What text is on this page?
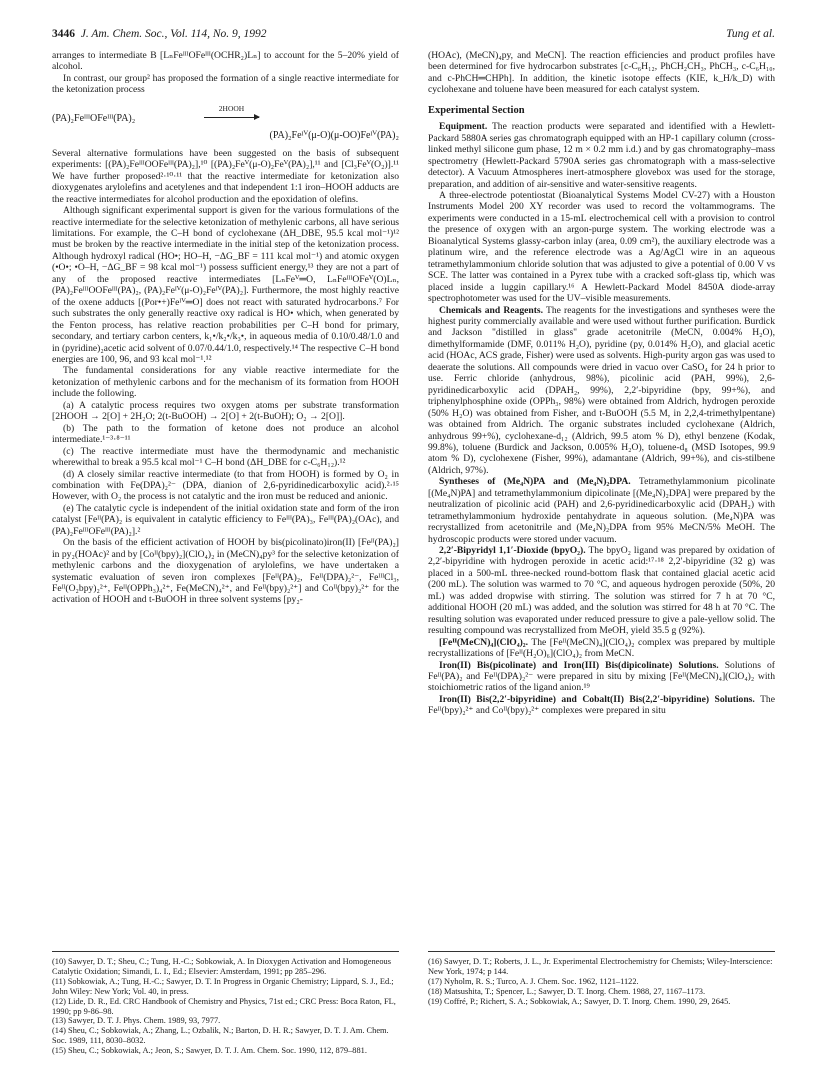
3446 J. Am. Chem. Soc., Vol. 114, No. 9, 1992	Tung et al.

arranges to intermediate B [LₙFeᴵᴵᴵOFeᴵᴵᴵ(OCHR₂)Lₙ] to account for the 5–20% yield of alcohol.

In contrast, our group² has proposed the formation of a single reactive intermediate for the ketonization process

(PA)₂FeᴵᴵᴵOFeᴵᴵᴵ(PA)₂
2HOOH
(PA)₂Feᴵⱽ(μ-O)(μ-OO)Feᴵⱽ(PA)₂

Several alternative formulations have been suggested on the basis of subsequent experiments: [(PA)₂FeᴵᴵᴵOOFeᴵᴵᴵ(PA)₂],¹⁰ [(PA)₂Feⱽ(μ-O)₂Feⱽ(PA)₂],¹¹ and [Cl₃Feⱽ(O₂)].¹¹ We have further proposed²·¹⁰·¹¹ that the reactive intermediate for ketonization also dioxygenates arylolefins and acetylenes and that independent 1:1 iron–HOOH adducts are the reactive intermediates for alcohol production and the epoxidation of olefins.

Although significant experimental support is given for the various formulations of the reactive intermediate for the selective ketonization of methylenic carbons, all have serious limitations. For example, the C–H bond of cyclohexane (ΔH_DBE, 95.5 kcal mol⁻¹)¹² must be broken by the reactive intermediate in the initial step of the ketonization process. Although hydroxyl radical (HO•; HO–H, −ΔG_BF = 111 kcal mol⁻¹) and atomic oxygen (•O•; •O–H, −ΔG_BF = 98 kcal mol⁻¹) possess sufficient energy,¹³ they are not a part of any of the proposed reactive intermediates [LₙFeⱽ═O, LₙFeᴵᴵᴵOFeⱽ(O)Lₙ, (PA)₂FeᴵᴵᴵOOFeᴵᴵᴵ(PA)₂, (PA)₂Feᴵⱽ(μ-O)₂Feᴵⱽ(PA)₂]. Furthermore, the most highly reactive of the oxene adducts [(Por•+)Feᴵⱽ═O] does not react with saturated hydrocarbons.⁷ For such substrates the only generally reactive oxy radical is HO• which, when generated by the Fenton process, has relative reaction probabilities per C–H bond for primary, secondary, and tertiary carbon centers, k₁•/k₂•/k₃•, in aqueous media of 0.10/0.48/1.0 and in (pyridine)₂acetic acid solvent of 0.07/0.44/1.0, respectively.¹⁴ The respective C–H bond energies are 100, 96, and 93 kcal mol⁻¹.¹²

The fundamental considerations for any viable reactive intermediate for the ketonization of methylenic carbons and for the mechanism of its formation from HOOH include the following.

(a) A catalytic process requires two oxygen atoms per substrate transformation [2HOOH → 2[O] + 2H₂O; 2(t-BuOOH) → 2[O] + 2(t-BuOH); O₂ → 2[O]].

(b) The path to the formation of ketone does not produce an alcohol intermediate.¹⁻³·⁸⁻¹¹

(c) The reactive intermediate must have the thermodynamic and mechanistic wherewithal to break a 95.5 kcal mol⁻¹ C–H bond (ΔH_DBE for c-C₆H₁₂).¹²

(d) A closely similar reactive intermediate (to that from HOOH) is formed by O₂ in combination with Fe(DPA)₂²⁻ (DPA, dianion of 2,6-pyridinedicarboxylic acid).²·¹⁵ However, with O₂ the process is not catalytic and the iron must be reduced and anionic.

(e) The catalytic cycle is independent of the initial oxidation state and form of the iron catalyst [Feᴵᴵ(PA)₂ is equivalent in catalytic efficiency to Feᴵᴵᴵ(PA)₃, Feᴵᴵᴵ(PA)₂(OAc), and (PA)₂FeᴵᴵᴵOFeᴵᴵᴵ(PA)₂].²

On the basis of the efficient activation of HOOH by bis(picolinato)iron(II) [Feᴵᴵ(PA)₂] in py₂(HOAc)² and by [Coᴵᴵ(bpy)₂](ClO₄)₂ in (MeCN)₄py³ for the selective ketonization of methylenic carbons and the dioxygenation of arylolefins, we have undertaken a systematic evaluation of seven iron complexes [Feᴵᴵ(PA)₂, Feᴵᴵ(DPA)₂²⁻, FeᴵᴵᴵCl₃, Feᴵᴵ(O₂bpy)₂²⁺, Feᴵᴵ(OPPh₃)₄²⁺, Fe(MeCN)₄²⁺, and Feᴵᴵ(bpy)₂²⁺] and Coᴵᴵ(bpy)₂²⁺ for the activation of HOOH and t-BuOOH in three solvent systems [py₂-

(HOAc), (MeCN)₄py, and MeCN]. The reaction efficiencies and product profiles have been determined for five hydrocarbon substrates [c-C₆H₁₂, PhCH₂CH₃, PhCH₃, c-C₆H₁₀, and c-PhCH═CHPh]. In addition, the kinetic isotope effects (KIE, k_H/k_D) with cyclohexane and toluene have been measured for each catalyst system.

Experimental Section

Equipment. The reaction products were separated and identified with a Hewlett-Packard 5880A series gas chromatograph equipped with an HP-1 capillary column (cross-linked methyl silicone gum phase, 12 m × 0.2 mm i.d.) and by gas chromatography–mass spectrometry (Hewlett-Packard 5790A series gas chromatograph with a mass-selective detector). A Vacuum Atmospheres inert-atmosphere glovebox was used for the storage, preparation, and addition of air-sensitive and water-sensitive reagents.

A three-electrode potentiostat (Bioanalytical Systems Model CV-27) with a Houston Instruments Model 200 XY recorder was used to record the voltammograms. The experiments were conducted in a 15-mL electrochemical cell with a provision to control the presence of oxygen with an argon-purge system. The working electrode was a Bioanalytical Systems glassy-carbon inlay (area, 0.09 cm²), the auxiliary electrode was a platinum wire, and the reference electrode was a Ag/AgCl wire in an aqueous tetramethylammonium chloride solution that was adjusted to give a potential of 0.00 V vs SCE. The latter was contained in a Pyrex tube with a cracked soft-glass tip, which was placed inside a luggin capillary.¹⁶ A Hewlett-Packard Model 8450A diode-array spectrophotometer was used for the UV–visible measurements.

Chemicals and Reagents. The reagents for the investigations and syntheses were the highest purity commercially available and were used without further purification. Burdick and Jackson "distilled in glass" grade acetonitrile (MeCN, 0.004% H₂O), dimethylformamide (DMF, 0.011% H₂O), pyridine (py, 0.014% H₂O), and glacial acetic acid (HOAc, ACS grade, Fisher) were used as solvents. High-purity argon gas was used to deaerate the solutions. All compounds were dried in vacuo over CaSO₄ for 24 h prior to use. Ferric chloride (anhydrous, 98%), picolinic acid (PAH, 99%), 2,6-pyridinedicarboxylic acid (DPAH₂, 99%), 2,2′-bipyridine (bpy, 99+%), and triphenylphosphine oxide (OPPh₃, 98%) were obtained from Aldrich, hydrogen peroxide (50% H₂O) was obtained from Fisher, and t-BuOOH (5.5 M, in 2,2,4-trimethylpentane) was obtained from Aldrich. The organic substrates included cyclohexane (Aldrich, anhydrous 99+%), cyclohexane-d₁₂ (Aldrich, 99.5 atom % D), ethyl benzene (Kodak, 99.8%), toluene (Burdick and Jackson, 0.005% H₂O), toluene-d₈ (MSD Isotopes, 99.9 atom % D), cyclohexene (Fisher, 99%), adamantane (Aldrich, 99+%), and cis-stilbene (Aldrich, 97%).

Syntheses of (Me₄N)PA and (Me₄N)₂DPA. Tetramethylammonium picolinate [(Me₄N)PA] and tetramethylammonium dipicolinate [(Me₄N)₂DPA] were prepared by the neutralization of picolinic acid (PAH) and 2,6-pyridinedicarboxylic acid (DPAH₂) with tetramethylammonium hydroxide pentahydrate in aqueous solution. (Me₄N)PA was recrystallized from acetonitrile and (Me₄N)₂DPA from 95% MeCN/5% MeOH. The hydroscopic products were stored under vacuum.

2,2′-Bipyridyl 1,1′-Dioxide (bpyO₂). The bpyO₂ ligand was prepared by oxidation of 2,2′-bipyridine with hydrogen peroxide in acetic acid:¹⁷·¹⁸ 2,2′-bipyridine (32 g) was placed in a 500-mL three-necked round-bottom flask that contained glacial acetic acid (200 mL). The solution was warmed to 70 °C, and aqueous hydrogen peroxide (50%, 20 mL) was added dropwise with stirring. The solution was stirred for 7 h at 70 °C, additional HOOH (20 mL) was added, and the solution was stirred for 48 h at 70 °C. The resulting solution was evaporated under reduced pressure to give a pale-yellow solid. The resulting compound was recrystallized from MeOH, yield 35.5 g (92%).

[Feᴵᴵ(MeCN)₄](ClO₄)₂. The [Feᴵᴵ(MeCN)₄](ClO₄)₂ complex was prepared by multiple recrystallizations of [Feᴵᴵ(H₂O)₆](ClO₄)₂ from MeCN.

Iron(II) Bis(picolinate) and Iron(III) Bis(dipicolinate) Solutions. Solutions of Feᴵᴵ(PA)₂ and Feᴵᴵ(DPA)₂²⁻ were prepared in situ by mixing [Feᴵᴵ(MeCN)₄](ClO₄)₂ with stoichiometric ratios of the ligand anion.¹⁹

Iron(II) Bis(2,2′-bipyridine) and Cobalt(II) Bis(2,2′-bipyridine) Solutions. The Feᴵᴵ(bpy)₂²⁺ and Coᴵᴵ(bpy)₂²⁺ complexes were prepared in situ

(10) Sawyer, D. T.; Sheu, C.; Tung, H.-C.; Sobkowiak, A. In Dioxygen Activation and Homogeneous Catalytic Oxidation; Simandi, L. I., Ed.; Elsevier: Amsterdam, 1991; pp 285–296.
(11) Sobkowiak, A.; Tung, H.-C.; Sawyer, D. T. In Progress in Organic Chemistry; Lippard, S. J., Ed.; John Wiley: New York; Vol. 40, in press.
(12) Lide, D. R., Ed. CRC Handbook of Chemistry and Physics, 71st ed.; CRC Press: Boca Raton, FL, 1990; pp 9-86–98.
(13) Sawyer, D. T. J. Phys. Chem. 1989, 93, 7977.
(14) Sheu, C.; Sobkowiak, A.; Zhang, L.; Ozbalik, N.; Barton, D. H. R.; Sawyer, D. T. J. Am. Chem. Soc. 1989, 111, 8030–8032.
(15) Sheu, C.; Sobkowiak, A.; Jeon, S.; Sawyer, D. T. J. Am. Chem. Soc. 1990, 112, 879–881.
(16) Sawyer, D. T.; Roberts, J. L., Jr. Experimental Electrochemistry for Chemists; Wiley-Interscience: New York, 1974; p 144.
(17) Nyholm, R. S.; Turco, A. J. Chem. Soc. 1962, 1121–1122.
(18) Matsushita, T.; Spencer, L.; Sawyer, D. T. Inorg. Chem. 1988, 27, 1167–1173.
(19) Coffré, P.; Richert, S. A.; Sobkowiak, A.; Sawyer, D. T. Inorg. Chem. 1990, 29, 2645.
